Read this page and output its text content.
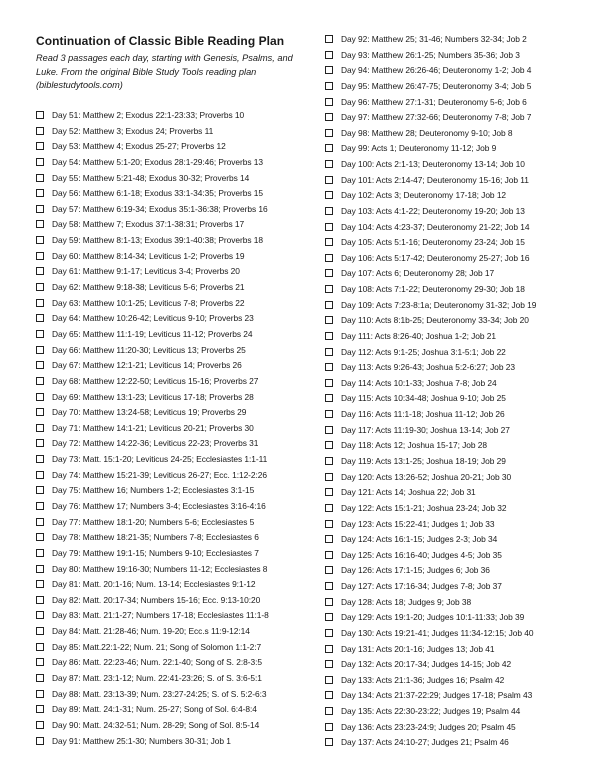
Continuation of Classic Bible Reading Plan
Read 3 passages each day, starting with Genesis, Psalms, and Luke. From the original Bible Study Tools reading plan (biblestudytools.com)
Day 51: Matthew 2; Exodus 22:1-23:33; Proverbs 10
Day 52: Matthew 3; Exodus 24; Proverbs 11
Day 53: Matthew 4; Exodus 25-27; Proverbs 12
Day 54: Matthew 5:1-20; Exodus 28:1-29:46; Proverbs 13
Day 55: Matthew 5:21-48; Exodus 30-32; Proverbs 14
Day 56: Matthew 6:1-18; Exodus 33:1-34:35; Proverbs 15
Day 57: Matthew 6:19-34; Exodus 35:1-36:38; Proverbs 16
Day 58: Matthew 7; Exodus 37:1-38:31; Proverbs 17
Day 59: Matthew 8:1-13; Exodus 39:1-40:38; Proverbs 18
Day 60: Matthew 8:14-34; Leviticus 1-2; Proverbs 19
Day 61: Matthew 9:1-17; Leviticus 3-4; Proverbs 20
Day 62: Matthew 9:18-38; Leviticus 5-6; Proverbs 21
Day 63: Matthew 10:1-25; Leviticus 7-8; Proverbs 22
Day 64: Matthew 10:26-42; Leviticus 9-10; Proverbs 23
Day 65: Matthew 11:1-19; Leviticus 11-12; Proverbs 24
Day 66: Matthew 11:20-30; Leviticus 13; Proverbs 25
Day 67: Matthew 12:1-21; Leviticus 14; Proverbs 26
Day 68: Matthew 12:22-50; Leviticus 15-16; Proverbs 27
Day 69: Matthew 13:1-23; Leviticus 17-18; Proverbs 28
Day 70: Matthew 13:24-58; Leviticus 19; Proverbs 29
Day 71: Matthew 14:1-21; Leviticus 20-21; Proverbs 30
Day 72: Matthew 14:22-36; Leviticus 22-23; Proverbs 31
Day 73: Matt. 15:1-20; Leviticus 24-25; Ecclesiastes 1:1-11
Day 74: Matthew 15:21-39; Leviticus 26-27; Ecc. 1:12-2:26
Day 75: Matthew 16; Numbers 1-2; Ecclesiastes 3:1-15
Day 76: Matthew 17; Numbers 3-4; Ecclesiastes 3:16-4:16
Day 77: Matthew 18:1-20; Numbers 5-6; Ecclesiastes 5
Day 78: Matthew 18:21-35; Numbers 7-8; Ecclesiastes 6
Day 79: Matthew 19:1-15; Numbers 9-10; Ecclesiastes 7
Day 80: Matthew 19:16-30; Numbers 11-12; Ecclesiastes 8
Day 81: Matt. 20:1-16; Num. 13-14; Ecclesiastes 9:1-12
Day 82: Matt. 20:17-34; Numbers 15-16; Ecc. 9:13-10:20
Day 83: Matt. 21:1-27; Numbers 17-18; Ecclesiastes 11:1-8
Day 84: Matt. 21:28-46; Num. 19-20; Ecc.s 11:9-12:14
Day 85: Matt.22:1-22; Num. 21; Song of Solomon 1:1-2:7
Day 86: Matt. 22:23-46; Num. 22:1-40; Song of S. 2:8-3:5
Day 87: Matt. 23:1-12; Num. 22:41-23:26; S. of S. 3:6-5:1
Day 88: Matt. 23:13-39; Num. 23:27-24:25; S. of S. 5:2-6:3
Day 89: Matt. 24:1-31; Num. 25-27; Song of Sol. 6:4-8:4
Day 90: Matt. 24:32-51; Num. 28-29; Song of Sol. 8:5-14
Day 91: Matthew 25:1-30; Numbers 30-31; Job 1
Day 92: Matthew 25; 31-46; Numbers 32-34; Job 2
Day 93: Matthew 26:1-25; Numbers 35-36; Job 3
Day 94: Matthew 26:26-46; Deuteronomy 1-2; Job 4
Day 95: Matthew 26:47-75; Deuteronomy 3-4; Job 5
Day 96: Matthew 27:1-31; Deuteronomy 5-6; Job 6
Day 97: Matthew 27:32-66; Deuteronomy 7-8; Job 7
Day 98: Matthew 28; Deuteronomy 9-10; Job 8
Day 99: Acts 1; Deuteronomy 11-12; Job 9
Day 100: Acts 2:1-13; Deuteronomy 13-14; Job 10
Day 101: Acts 2:14-47; Deuteronomy 15-16; Job 11
Day 102: Acts 3; Deuteronomy 17-18; Job 12
Day 103: Acts 4:1-22; Deuteronomy 19-20; Job 13
Day 104: Acts 4:23-37; Deuteronomy 21-22; Job 14
Day 105: Acts 5:1-16; Deuteronomy 23-24; Job 15
Day 106: Acts 5:17-42; Deuteronomy 25-27; Job 16
Day 107: Acts 6; Deuteronomy 28; Job 17
Day 108: Acts 7:1-22; Deuteronomy 29-30; Job 18
Day 109: Acts 7:23-8:1a; Deuteronomy 31-32; Job 19
Day 110: Acts 8:1b-25; Deuteronomy 33-34; Job 20
Day 111: Acts 8:26-40; Joshua 1-2; Job 21
Day 112: Acts 9:1-25; Joshua 3:1-5:1; Job 22
Day 113: Acts 9:26-43; Joshua 5:2-6:27; Job 23
Day 114: Acts 10:1-33; Joshua 7-8; Job 24
Day 115: Acts 10:34-48; Joshua 9-10; Job 25
Day 116: Acts 11:1-18; Joshua 11-12; Job 26
Day 117: Acts 11:19-30; Joshua 13-14; Job 27
Day 118: Acts 12; Joshua 15-17; Job 28
Day 119: Acts 13:1-25; Joshua 18-19; Job 29
Day 120: Acts 13:26-52; Joshua 20-21; Job 30
Day 121: Acts 14; Joshua 22; Job 31
Day 122: Acts 15:1-21; Joshua 23-24; Job 32
Day 123: Acts 15:22-41; Judges 1; Job 33
Day 124: Acts 16:1-15; Judges 2-3; Job 34
Day 125: Acts 16:16-40; Judges 4-5; Job 35
Day 126: Acts 17:1-15; Judges 6; Job 36
Day 127: Acts 17:16-34; Judges 7-8; Job 37
Day 128: Acts 18; Judges 9; Job 38
Day 129: Acts 19:1-20; Judges 10:1-11:33; Job 39
Day 130: Acts 19:21-41; Judges 11:34-12:15; Job 40
Day 131: Acts 20:1-16; Judges 13; Job 41
Day 132: Acts 20:17-34; Judges 14-15; Job 42
Day 133: Acts 21:1-36; Judges 16; Psalm 42
Day 134: Acts 21:37-22:29; Judges 17-18; Psalm 43
Day 135: Acts 22:30-23:22; Judges 19; Psalm 44
Day 136: Acts 23:23-24:9; Judges 20; Psalm 45
Day 137: Acts 24:10-27; Judges 21; Psalm 46
